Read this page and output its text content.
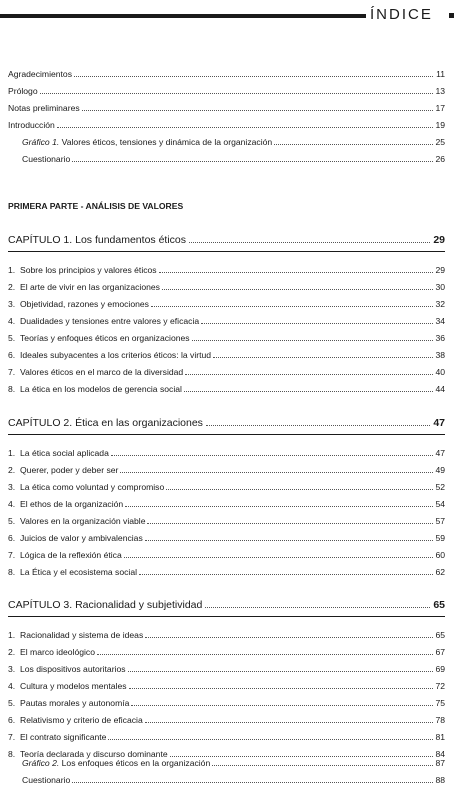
ÍNDICE
Agradecimientos	11
Prólogo	13
Notas preliminares	17
Introducción	19
Gráfico 1. Valores éticos, tensiones y dinámica de la organización	25
Cuestionario	26
PRIMERA PARTE - ANÁLISIS DE VALORES
CAPÍTULO 1. Los fundamentos éticos	29
1. Sobre los principios y valores éticos	29
2. El arte de vivir en las organizaciones	30
3. Objetividad, razones y emociones	32
4. Dualidades y tensiones entre valores y eficacia	34
5. Teorías y enfoques éticos en organizaciones	36
6. Ideales subyacentes a los criterios éticos: la virtud	38
7. Valores éticos en el marco de la diversidad	40
8. La ética en los modelos de gerencia social	44
CAPÍTULO 2. Ética en las organizaciones	47
1. La ética social aplicada	47
2. Querer, poder y deber ser	49
3. La ética como voluntad y compromiso	52
4. El ethos de la organización	54
5. Valores en la organización viable	57
6. Juicios de valor y ambivalencias	59
7. Lógica de la reflexión ética	60
8. La Ética y el ecosistema social	62
CAPÍTULO 3. Racionalidad y subjetividad	65
1. Racionalidad y sistema de ideas	65
2. El marco ideológico	67
3. Los dispositivos autoritarios	69
4. Cultura y modelos mentales	72
5. Pautas morales y autonomía	75
6. Relativismo y criterio de eficacia	78
7. El contrato significante	81
8. Teoría declarada y discurso dominante	84
Gráfico 2. Los enfoques éticos en la organización	87
Cuestionario	88
